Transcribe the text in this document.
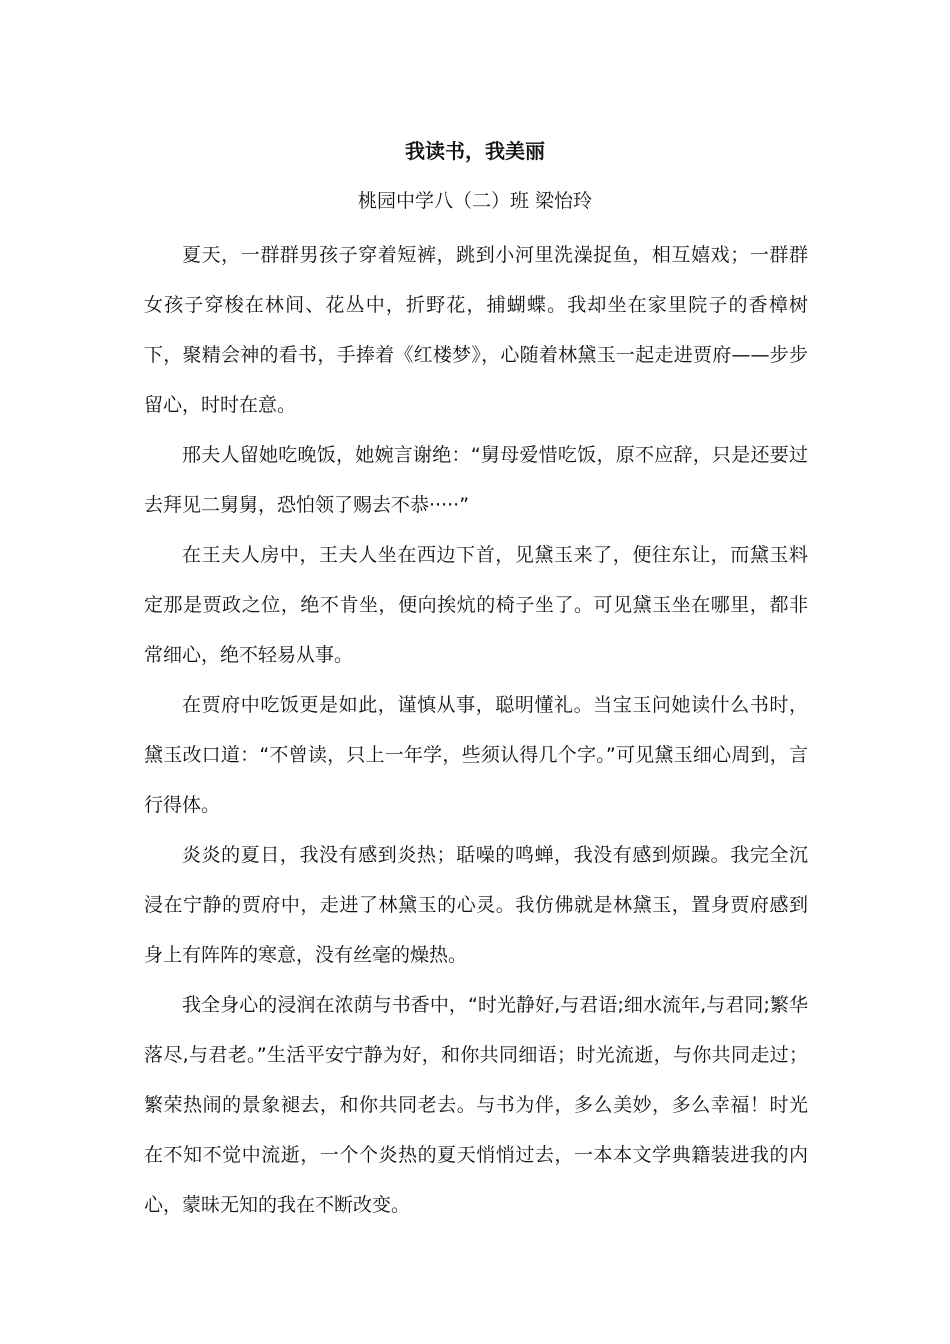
我读书，我美丽

桃园中学八（二）班 梁怡玲

夏天，一群群男孩子穿着短裤，跳到小河里洗澡捉鱼，相互嬉戏；一群群女孩子穿梭在林间、花丛中，折野花，捕蝴蝶。我却坐在家里院子的香樟树下，聚精会神的看书，手捧着《红楼梦》，心随着林黛玉一起走进贾府——步步留心，时时在意。

邢夫人留她吃晚饭，她婉言谢绝：“舅母爱惜吃饭，原不应辞，只是还要过去拜见二舅舅，恐怕领了赐去不恭·····”

在王夫人房中，王夫人坐在西边下首，见黛玉来了，便往东让，而黛玉料定那是贾政之位，绝不肯坐，便向挨炕的椅子坐了。可见黛玉坐在哪里，都非常细心，绝不轻易从事。

在贾府中吃饭更是如此，谨慎从事，聪明懂礼。当宝玉问她读什么书时，黛玉改口道：“不曾读，只上一年学，些须认得几个字。”可见黛玉细心周到，言行得体。

炎炎的夏日，我没有感到炎热；聒噪的鸣蝉，我没有感到烦躁。我完全沉浸在宁静的贾府中，走进了林黛玉的心灵。我仿佛就是林黛玉，置身贾府感到身上有阵阵的寒意，没有丝毫的燥热。

我全身心的浸润在浓荫与书香中，“时光静好,与君语;细水流年,与君同;繁华落尽,与君老。”生活平安宁静为好，和你共同细语；时光流逝，与你共同走过；繁荣热闹的景象褪去，和你共同老去。与书为伴，多么美妙，多么幸福！时光在不知不觉中流逝，一个个炎热的夏天悄悄过去，一本本文学典籍装进我的内心，蒙昧无知的我在不断改变。
